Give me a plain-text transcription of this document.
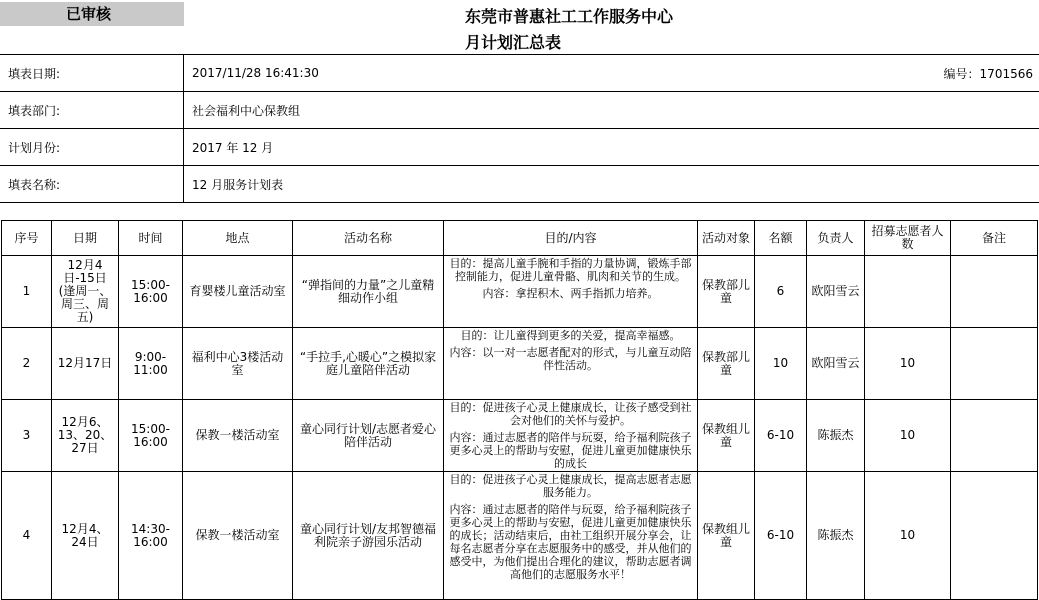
已审核	东莞市普惠社工工作服务中心
月计划汇总表
填表日期:	2017/11/28 16:41:30	编号：1701566
填表部门:	社会福利中心保教组	
计划月份:	2017 年 12 月	
填表名称:	12 月服务计划表	
序号	日期	时间	地点	活动名称	目的/内容	活动对象	名额	负责人	招募志愿者人数	备注
1	12月4日-15日(逢周一、周三、周五)	15:00-16:00	育婴楼儿童活动室	“弹指间的力量”之儿童精细动作小组	目的：提高儿童手腕和手指的力量协调，锻炼手部控制能力，促进儿童骨骼、肌肉和关节的生成。
内容：拿捏积木、两手指抓力培养。	保教部儿童	6	欧阳雪云		
2	12月17日	9:00-11:00	福利中心3楼活动室	“手拉手,心暖心”之模拟家庭儿童陪伴活动	目的：让儿童得到更多的关爱，提高幸福感。
内容：以一对一志愿者配对的形式，与儿童互动陪伴性活动。	保教部儿童	10	欧阳雪云	10	
3	12月6、13、20、27日	15:00-16:00	保教一楼活动室	童心同行计划/志愿者爱心陪伴活动	目的：促进孩子心灵上健康成长，让孩子感受到社会对他们的关怀与爱护。
内容：通过志愿者的陪伴与玩耍，给予福利院孩子更多心灵上的帮助与安慰，促进儿童更加健康快乐的成长	保教组儿童	6-10	陈振杰	10	
4	12月4、24日	14:30-16:00	保教一楼活动室	童心同行计划/友邦智德福利院亲子游园乐活动	目的：促进孩子心灵上健康成长，提高志愿者志愿服务能力。
内容：通过志愿者的陪伴与玩耍，给予福利院孩子更多心灵上的帮助与安慰，促进儿童更加健康快乐的成长；活动结束后，由社工组织开展分享会，让每名志愿者分享在志愿服务中的感受，并从他们的感受中，为他们提出合理化的建议，帮助志愿者调高他们的志愿服务水平！	保教组儿童	6-10	陈振杰	10	
